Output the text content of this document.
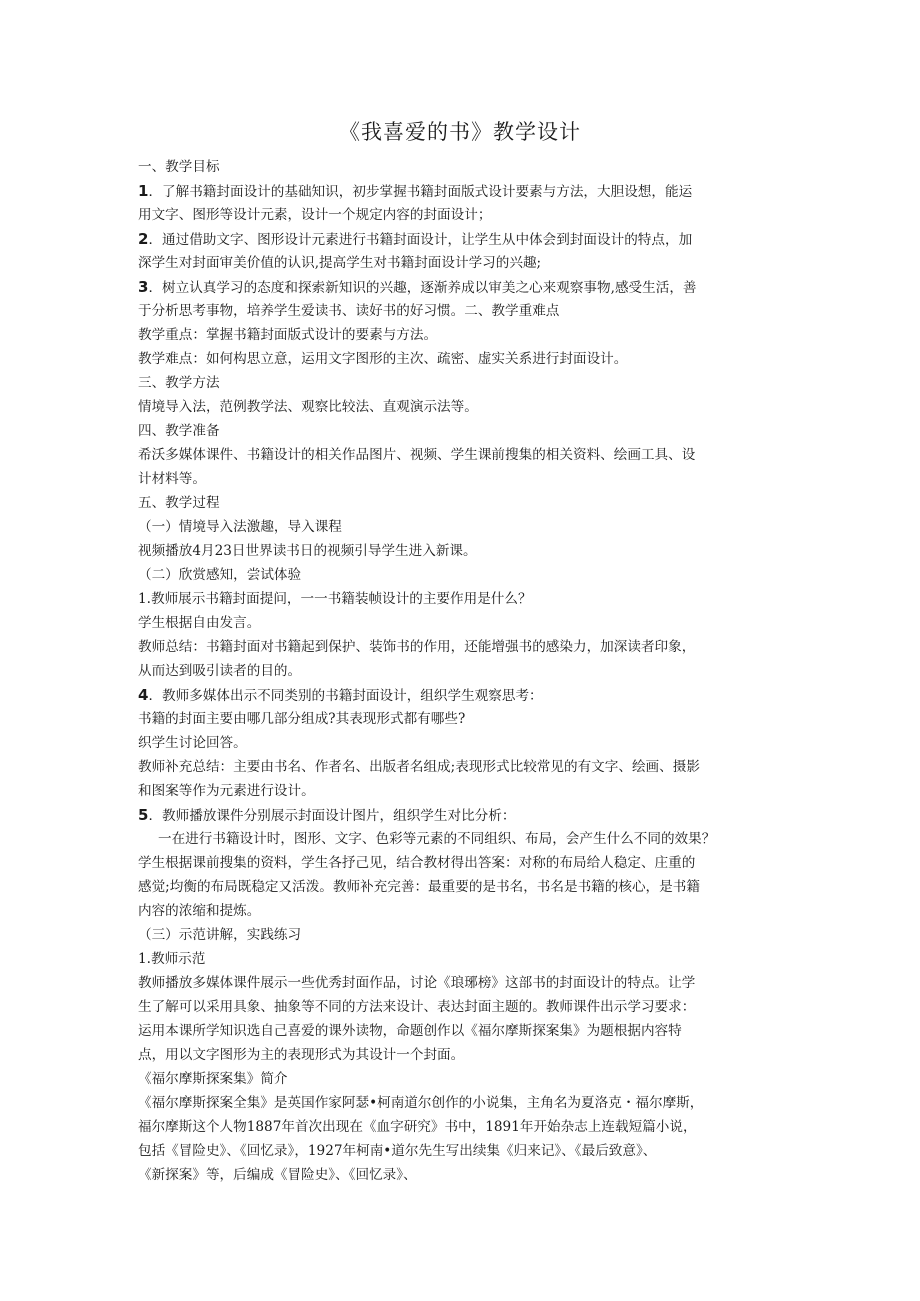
《我喜爱的书》教学设计
一、教学目标
1．了解书籍封面设计的基础知识，初步掌握书籍封面版式设计要素与方法，大胆设想，能运
用文字、图形等设计元素，设计一个规定内容的封面设计；
2．通过借助文字、图形设计元素进行书籍封面设计，让学生从中体会到封面设计的特点，加
深学生对封面审美价值的认识,提高学生对书籍封面设计学习的兴趣;
3．树立认真学习的态度和探索新知识的兴趣，逐渐养成以审美之心来观察事物,感受生活，善
于分析思考事物，培养学生爱读书、读好书的好习惯。二、教学重难点
教学重点：掌握书籍封面版式设计的要素与方法。
教学难点：如何构思立意，运用文字图形的主次、疏密、虚实关系进行封面设计。
三、教学方法
情境导入法，范例教学法、观察比较法、直观演示法等。
四、教学准备
希沃多媒体课件、书籍设计的相关作品图片、视频、学生课前搜集的相关资料、绘画工具、设
计材料等。
五、教学过程
（一）情境导入法激趣，导入课程
视频播放4月23日世界读书日的视频引导学生进入新课。
（二）欣赏感知，尝试体验
1.教师展示书籍封面提问，一一书籍装帧设计的主要作用是什么？
学生根据自由发言。
教师总结：书籍封面对书籍起到保护、装饰书的作用，还能增强书的感染力，加深读者印象，
从而达到吸引读者的目的。
4．教师多媒体出示不同类别的书籍封面设计，组织学生观察思考：
书籍的封面主要由哪几部分组成?其表现形式都有哪些?
织学生讨论回答。
教师补充总结：主要由书名、作者名、出版者名组成;表现形式比较常见的有文字、绘画、摄影
和图案等作为元素进行设计。
5．教师播放课件分别展示封面设计图片，组织学生对比分析：
一在进行书籍设计时，图形、文字、色彩等元素的不同组织、布局，会产生什么不同的效果？
学生根据课前搜集的资料，学生各抒己见，结合教材得出答案：对称的布局给人稳定、庄重的
感觉;均衡的布局既稳定又活泼。教师补充完善：最重要的是书名，书名是书籍的核心，是书籍
内容的浓缩和提炼。
（三）示范讲解，实践练习
1.教师示范
教师播放多媒体课件展示一些优秀封面作品，讨论《琅琊榜》这部书的封面设计的特点。让学
生了解可以采用具象、抽象等不同的方法来设计、表达封面主题的。教师课件出示学习要求：
运用本课所学知识选自己喜爱的课外读物，命题创作以《福尔摩斯探案集》为题根据内容特
点，用以文字图形为主的表现形式为其设计一个封面。
《福尔摩斯探案集》简介
《福尔摩斯探案全集》是英国作家阿瑟•柯南道尔创作的小说集，主角名为夏洛克・福尔摩斯，
福尔摩斯这个人物1887年首次出现在《血字研究》书中，1891年开始杂志上连载短篇小说，
包括《冒险史》、《回忆录》，1927年柯南•道尔先生写出续集《归来记》、《最后致意》、
《新探案》等，后编成《冒险史》、《回忆录》、
